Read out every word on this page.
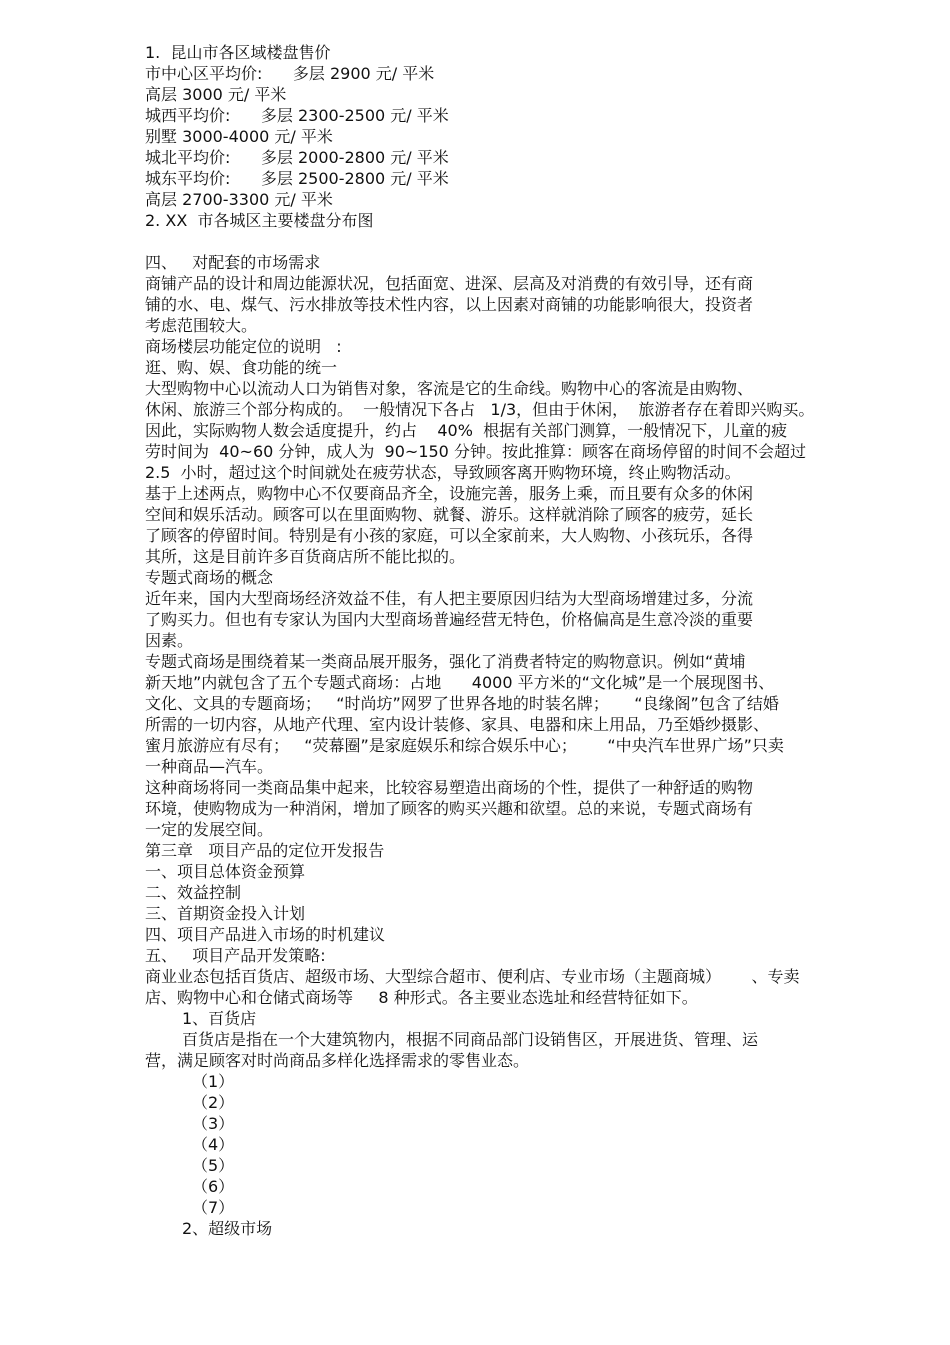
1.  昆山市各区域楼盘售价
市中心区平均价:      多层 2900 元/ 平米
高层 3000 元/ 平米
城西平均价:      多层 2300-2500 元/ 平米
别墅 3000-4000 元/ 平米
城北平均价:      多层 2000-2800 元/ 平米
城东平均价:      多层 2500-2800 元/ 平米
高层 2700-3300 元/ 平米
2. XX  市各城区主要楼盘分布图
四、   对配套的市场需求
商铺产品的设计和周边能源状况，包括面宽、进深、层高及对消费的有效引导，还有商
铺的水、电、煤气、污水排放等技术性内容，以上因素对商铺的功能影响很大，投资者
考虑范围较大。
商场楼层功能定位的说明   :
逛、购、娱、食功能的统一
大型购物中心以流动人口为销售对象，客流是它的生命线。购物中心的客流是由购物、
休闲、旅游三个部分构成的。  一般情况下各占   1/3，但由于休闲，  旅游者存在着即兴购买。
因此，实际购物人数会适度提升，约占    40%  根据有关部门测算，一般情况下，儿童的疲
劳时间为  40~60 分钟，成人为  90~150 分钟。按此推算：顾客在商场停留的时间不会超过
2.5  小时，超过这个时间就处在疲劳状态，导致顾客离开购物环境，终止购物活动。
基于上述两点，购物中心不仅要商品齐全，设施完善，服务上乘，而且要有众多的休闲
空间和娱乐活动。顾客可以在里面购物、就餐、游乐。这样就消除了顾客的疲劳，延长
了顾客的停留时间。特别是有小孩的家庭，可以全家前来，大人购物、小孩玩乐，各得
其所，这是目前许多百货商店所不能比拟的。
专题式商场的概念
近年来，国内大型商场经济效益不佳，有人把主要原因归结为大型商场增建过多，分流
了购买力。但也有专家认为国内大型商场普遍经营无特色，价格偏高是生意冷淡的重要
因素。
专题式商场是围绕着某一类商品展开服务，强化了消费者特定的购物意识。例如“黄埔
新天地”内就包含了五个专题式商场：占地      4000 平方米的“文化城”是一个展现图书、
文化、文具的专题商场；   “时尚坊”网罗了世界各地的时装名牌；     “良缘阁”包含了结婚
所需的一切内容，从地产代理、室内设计装修、家具、电器和床上用品，乃至婚纱摄影、
蜜月旅游应有尽有；   “荧幕圈”是家庭娱乐和综合娱乐中心；      “中央汽车世界广场”只卖
一种商品—汽车。
这种商场将同一类商品集中起来，比较容易塑造出商场的个性，提供了一种舒适的购物
环境，使购物成为一种消闲，增加了顾客的购买兴趣和欲望。总的来说，专题式商场有
一定的发展空间。
第三章   项目产品的定位开发报告
一、项目总体资金预算
二、效益控制
三、首期资金投入计划
四、项目产品进入市场的时机建议
五、   项目产品开发策略:
商业业态包括百货店、超级市场、大型综合超市、便利店、专业市场（主题商城）      、专卖
店、购物中心和仓储式商场等     8 种形式。各主要业态选址和经营特征如下。
1、百货店
百货店是指在一个大建筑物内，根据不同商品部门设销售区，开展进货、管理、运
营，满足顾客对时尚商品多样化选择需求的零售业态。
（1）
（2）
（3）
（4）
（5）
（6）
（7）
2、超级市场
